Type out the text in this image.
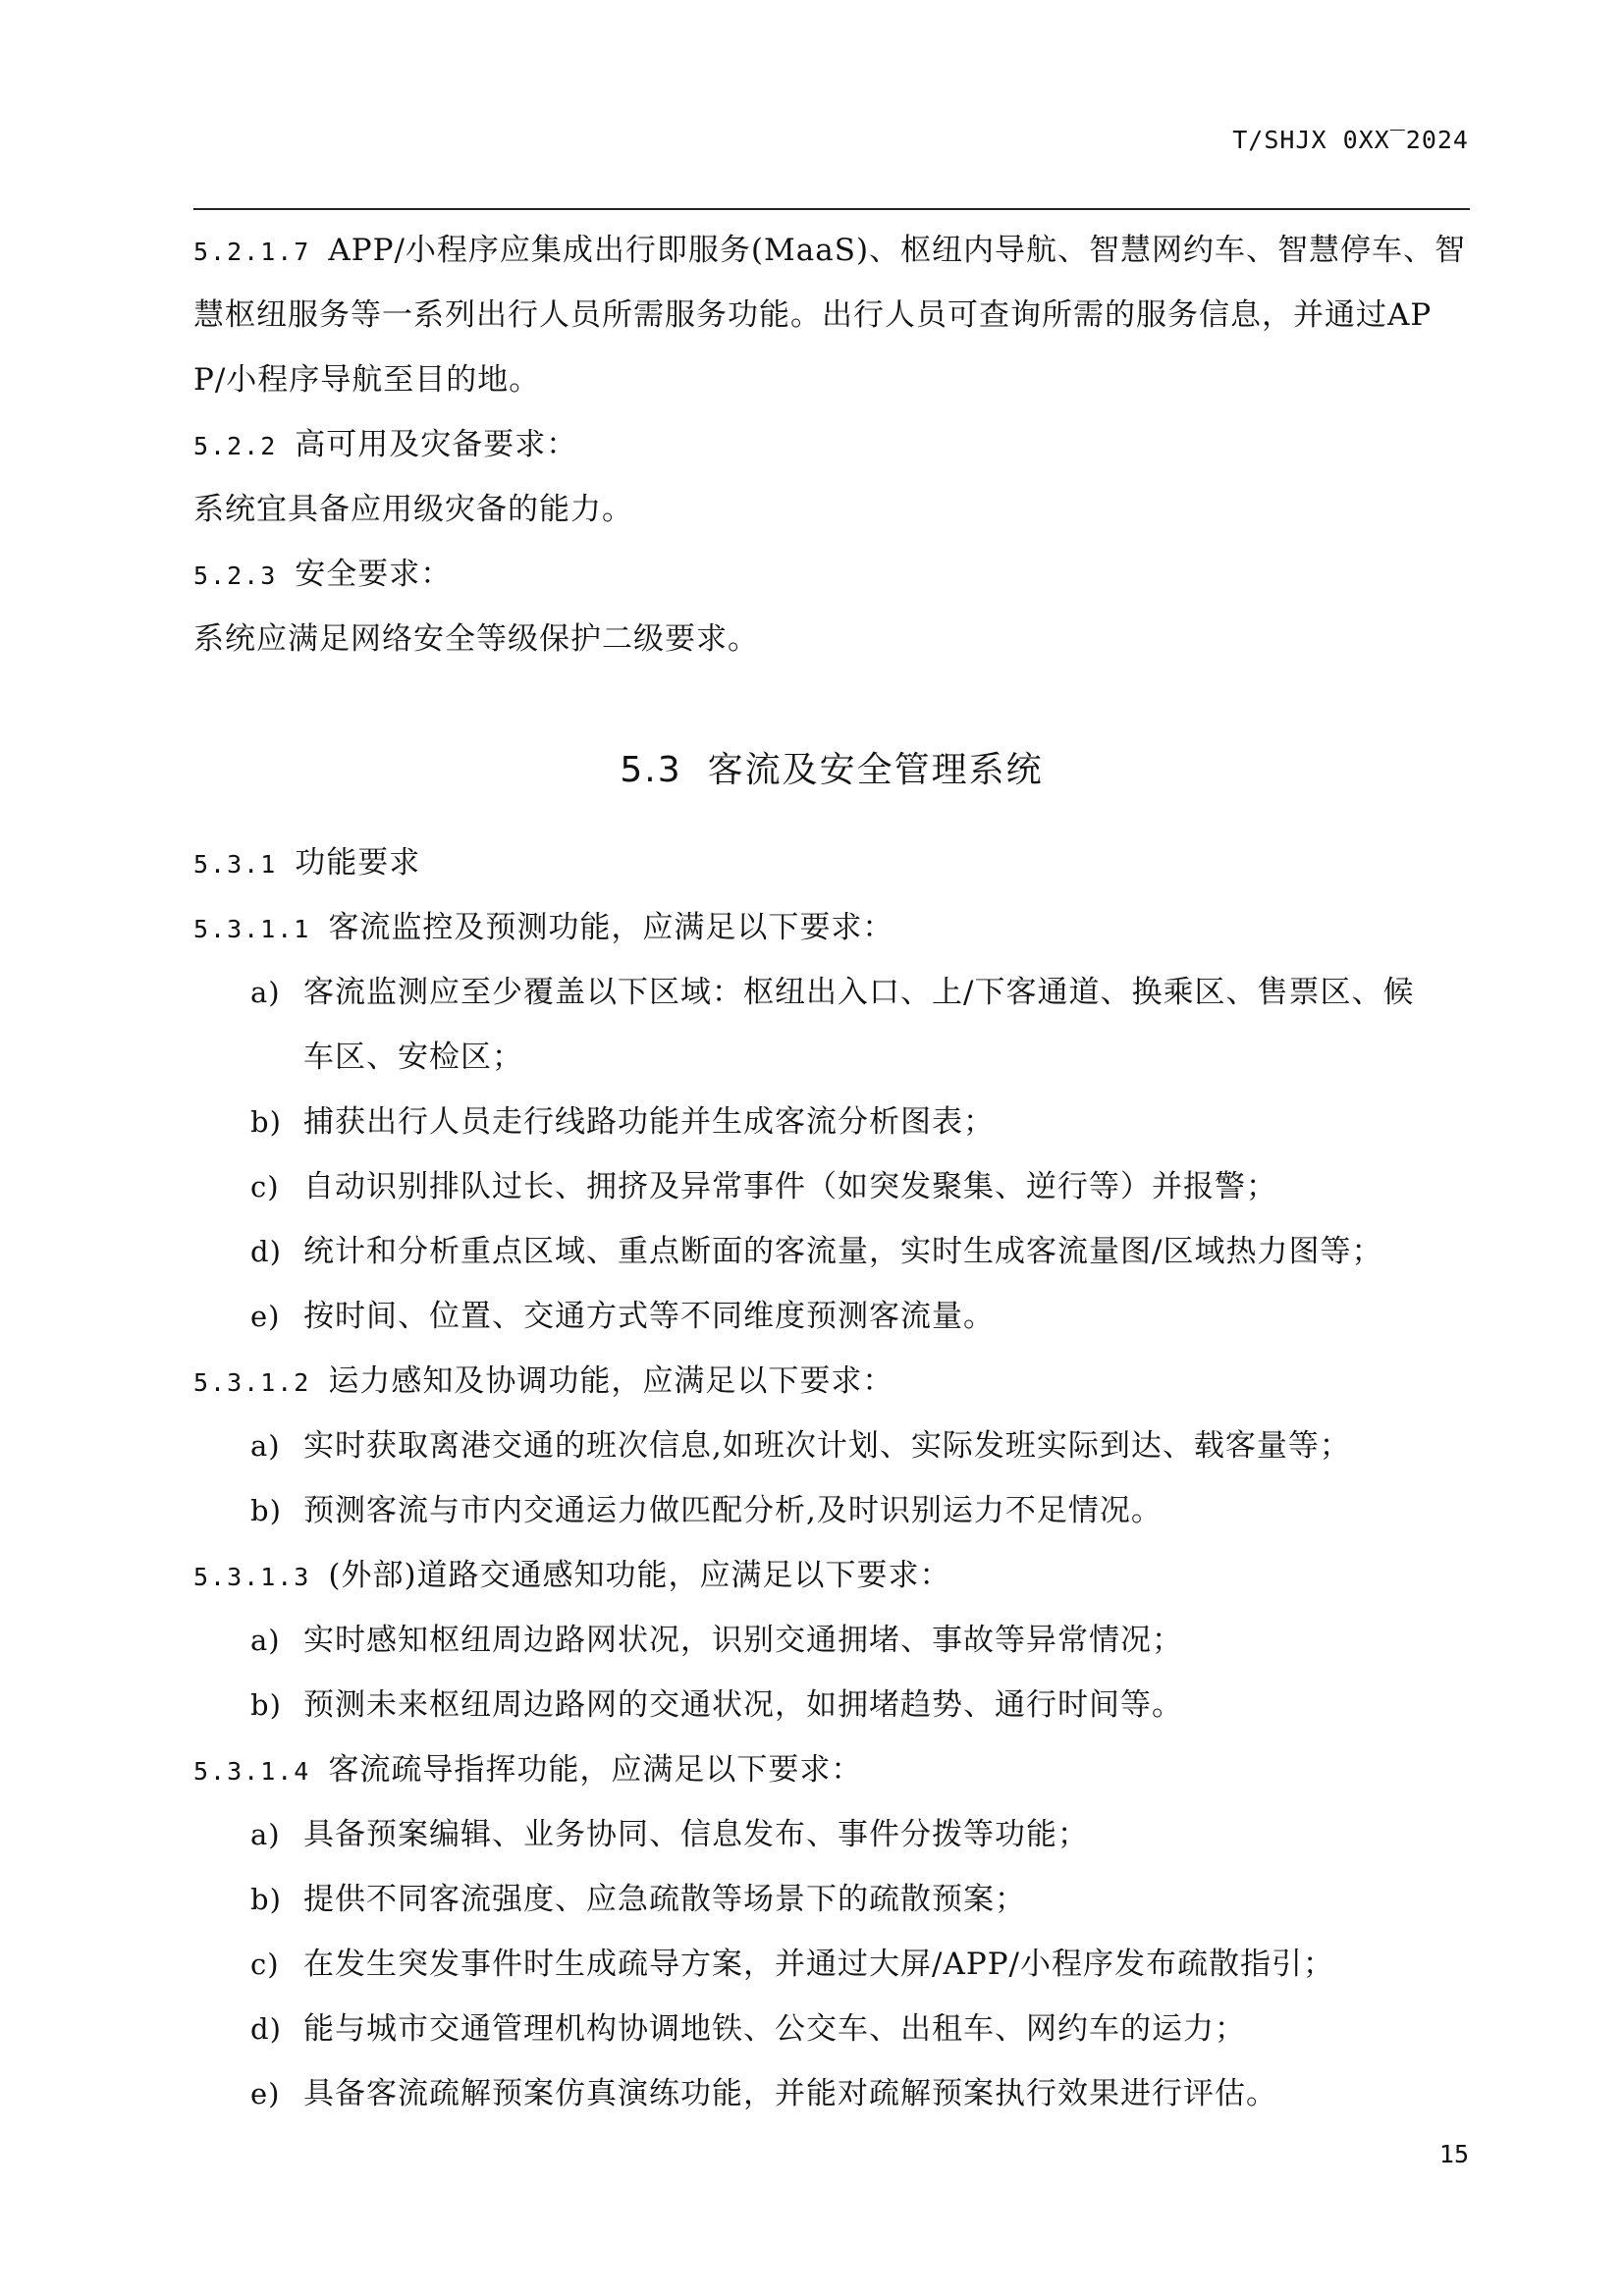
T/SHJX 0XX‾2024
5.2.1.7 APP/小程序应集成出行即服务(MaaS)、枢纽内导航、智慧网约车、智慧停车、智
慧枢纽服务等一系列出行人员所需服务功能。出行人员可查询所需的服务信息，并通过AP
P/小程序导航至目的地。
5.2.2 高可用及灾备要求：
系统宜具备应用级灾备的能力。
5.2.3 安全要求：
系统应满足网络安全等级保护二级要求。
5.3 客流及安全管理系统
5.3.1 功能要求
5.3.1.1 客流监控及预测功能，应满足以下要求：
a) 客流监测应至少覆盖以下区域：枢纽出入口、上/下客通道、换乘区、售票区、候
车区、安检区；
b) 捕获出行人员走行线路功能并生成客流分析图表；
c) 自动识别排队过长、拥挤及异常事件（如突发聚集、逆行等）并报警；
d) 统计和分析重点区域、重点断面的客流量，实时生成客流量图/区域热力图等；
e) 按时间、位置、交通方式等不同维度预测客流量。
5.3.1.2 运力感知及协调功能，应满足以下要求：
a) 实时获取离港交通的班次信息,如班次计划、实际发班实际到达、载客量等；
b) 预测客流与市内交通运力做匹配分析,及时识别运力不足情况。
5.3.1.3 (外部)道路交通感知功能，应满足以下要求：
a) 实时感知枢纽周边路网状况，识别交通拥堵、事故等异常情况；
b) 预测未来枢纽周边路网的交通状况，如拥堵趋势、通行时间等。
5.3.1.4 客流疏导指挥功能，应满足以下要求：
a) 具备预案编辑、业务协同、信息发布、事件分拨等功能；
b) 提供不同客流强度、应急疏散等场景下的疏散预案；
c) 在发生突发事件时生成疏导方案，并通过大屏/APP/小程序发布疏散指引；
d) 能与城市交通管理机构协调地铁、公交车、出租车、网约车的运力；
e) 具备客流疏解预案仿真演练功能，并能对疏解预案执行效果进行评估。
15
